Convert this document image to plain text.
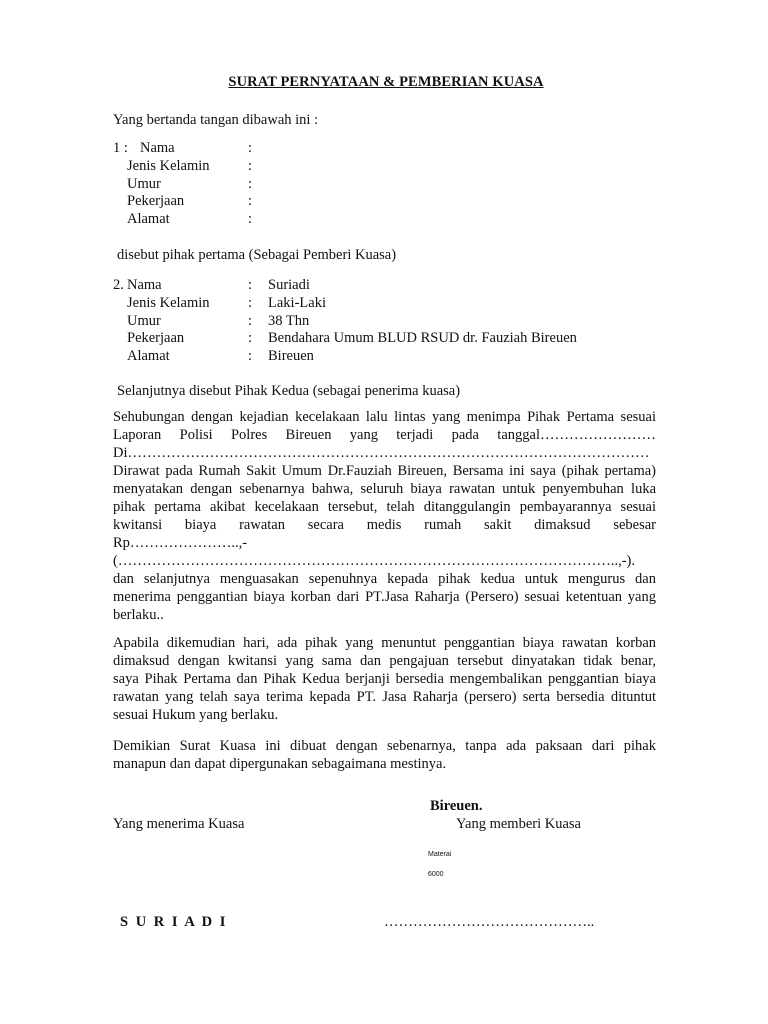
SURAT PERNYATAAN & PEMBERIAN KUASA
Yang bertanda tangan dibawah ini :
1 : Nama	:
Jenis Kelamin	:
Umur	:
Pekerjaan	:
Alamat	:
disebut pihak pertama (Sebagai Pemberi Kuasa)
2. Nama	: Suriadi
Jenis Kelamin	: Laki-Laki
Umur	: 38 Thn
Pekerjaan	: Bendahara Umum BLUD RSUD dr. Fauziah Bireuen
Alamat	: Bireuen
Selanjutnya disebut Pihak Kedua (sebagai penerima kuasa)
Sehubungan dengan kejadian kecelakaan lalu lintas yang menimpa Pihak Pertama sesuai
Laporan Polisi Polres Bireuen yang terjadi pada tanggal……………………
Di………………………………………………………………………………………………
Dirawat pada Rumah Sakit Umum Dr.Fauziah Bireuen, Bersama ini saya (pihak pertama)
menyatakan dengan sebenarnya bahwa, seluruh biaya rawatan untuk penyembuhan luka
pihak pertama akibat kecelakaan tersebut, telah ditanggulangin pembayarannya sesuai
kwitansi biaya rawatan secara medis rumah sakit dimaksud sebesar
Rp…………………..,-
(…………………………………………………………………………………………..,-).
dan selanjutnya menguasakan sepenuhnya kepada pihak kedua untuk mengurus dan
menerima penggantian biaya korban dari PT.Jasa Raharja (Persero) sesuai ketentuan yang
berlaku..
Apabila dikemudian hari, ada pihak yang menuntut penggantian biaya rawatan korban
dimaksud dengan kwitansi yang sama dan pengajuan tersebut dinyatakan tidak benar,
saya Pihak Pertama dan Pihak Kedua berjanji bersedia mengembalikan penggantian biaya
rawatan yang telah saya terima kepada PT. Jasa Raharja (persero) serta bersedia dituntut
sesuai Hukum yang berlaku.
Demikian Surat Kuasa ini dibuat dengan sebenarnya, tanpa ada paksaan dari pihak
manapun dan dapat dipergunakan sebagaimana mestinya.
Bireuen.
Yang menerima Kuasa	Yang memberi Kuasa
Materai
6000
S U R I A D I	……………………………………..
